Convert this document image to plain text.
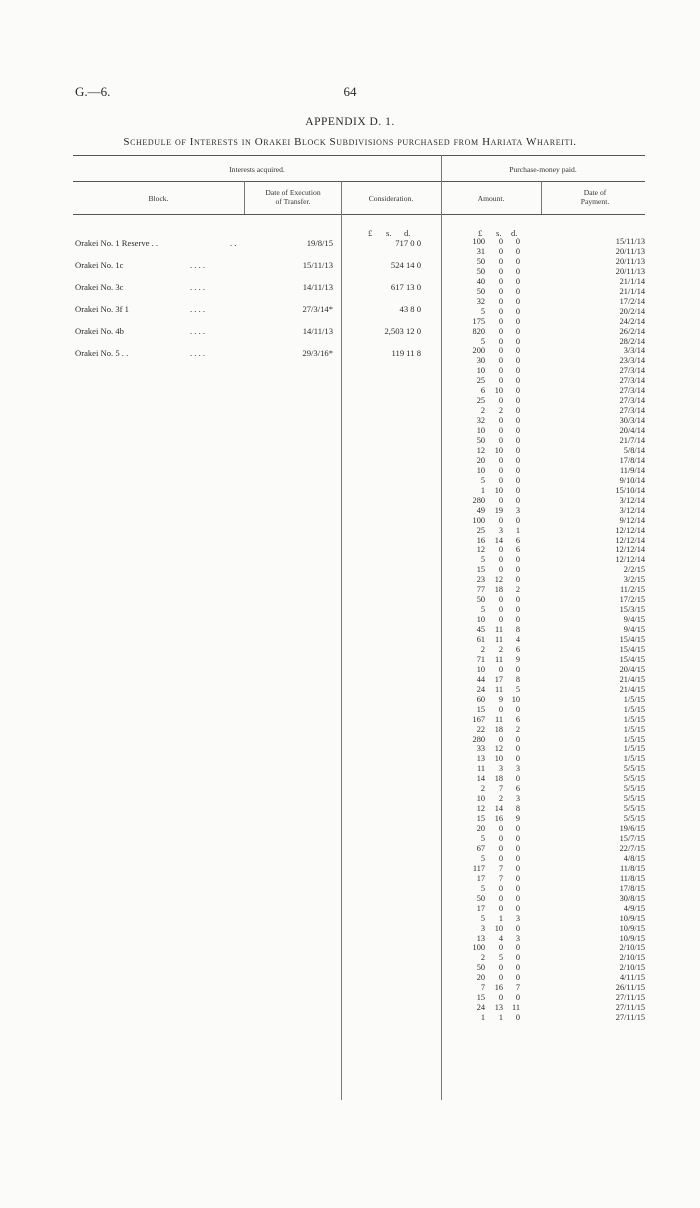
G.—6.	64
APPENDIX D. 1.
Schedule of Interests in Orakei Block Subdivisions purchased from Hariata Whareiti.
Interests acquired.	Purchase-money paid.
Block.
Date of Execution of Transfer.	Consideration.	Amount.
Date of Payment.
£ s. d.	£ s. d.
Orakei No. 1 Reserve . .	. .	19/8/15	717 0 0
Orakei No. 1c	. . . .	15/11/13	524 14 0
Orakei No. 3c	. . . .	14/11/13	617 13 0
Orakei No. 3f 1	. . . .	27/3/14*	43 8 0
Orakei No. 4b	. . . .	14/11/13	2,503 12 0
Orakei No. 5 . .	. . . .	29/3/16*	119 11 8
100	0	0	15/11/13
31	0	0	20/11/13
50	0	0	20/11/13
50	0	0	20/11/13
40	0	0	21/1/14
50	0	0	21/1/14
32	0	0	17/2/14
5	0	0	20/2/14
175	0	0	24/2/14
820	0	0	26/2/14
5	0	0	28/2/14
200	0	0	3/3/14
30	0	0	23/3/14
10	0	0	27/3/14
25	0	0	27/3/14
6	10	0	27/3/14
25	0	0	27/3/14
2	2	0	27/3/14
32	0	0	30/3/14
10	0	0	20/4/14
50	0	0	21/7/14
12	10	0	5/8/14
20	0	0	17/8/14
10	0	0	11/9/14
5	0	0	9/10/14
1	10	0	15/10/14
280	0	0	3/12/14
49	19	3	3/12/14
100	0	0	9/12/14
25	3	1	12/12/14
16	14	6	12/12/14
12	0	6	12/12/14
5	0	0	12/12/14
15	0	0	2/2/15
23	12	0	3/2/15
77	18	2	11/2/15
50	0	0	17/2/15
5	0	0	15/3/15
10	0	0	9/4/15
45	11	8	9/4/15
61	11	4	15/4/15
2	2	6	15/4/15
71	11	9	15/4/15
10	0	0	20/4/15
44	17	8	21/4/15
24	11	5	21/4/15
60	9	10	1/5/15
15	0	0	1/5/15
167	11	6	1/5/15
22	18	2	1/5/15
280	0	0	1/5/15
33	12	0	1/5/15
13	10	0	1/5/15
11	3	3	5/5/15
14	18	0	5/5/15
2	7	6	5/5/15
10	2	3	5/5/15
12	14	8	5/5/15
15	16	9	5/5/15
20	0	0	19/6/15
5	0	0	15/7/15
67	0	0	22/7/15
5	0	0	4/8/15
117	7	0	11/8/15
17	7	0	11/8/15
5	0	0	17/8/15
50	0	0	30/8/15
17	0	0	4/9/15
5	1	3	10/9/15
3	10	0	10/9/15
13	4	3	10/9/15
100	0	0	2/10/15
2	5	0	2/10/15
50	0	0	2/10/15
20	0	0	4/11/15
7	16	7	26/11/15
15	0	0	27/11/15
24	13	11	27/11/15
1	1	0	27/11/15
